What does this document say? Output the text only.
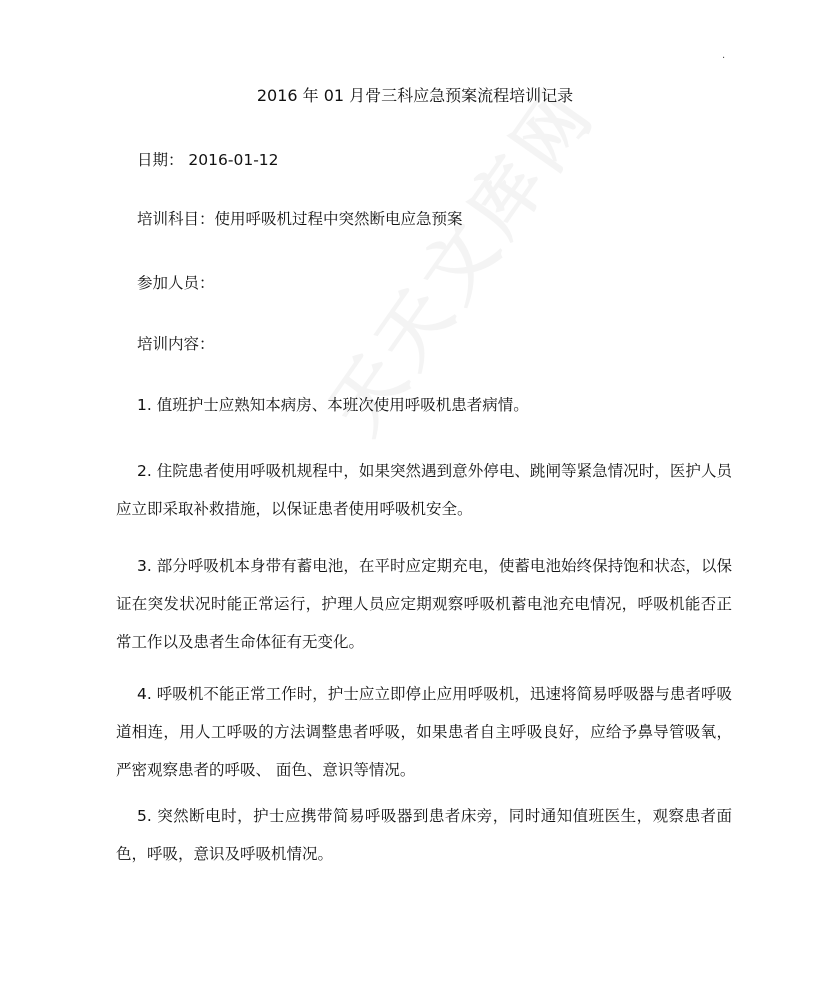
.
2016 年 01 月骨三科应急预案流程培训记录
日期： 2016-01-12
培训科目：使用呼吸机过程中突然断电应急预案
参加人员：
培训内容：
1. 值班护士应熟知本病房、本班次使用呼吸机患者病情。
2. 住院患者使用呼吸机规程中，如果突然遇到意外停电、跳闸等紧急情况时，医护人员应立即采取补救措施，以保证患者使用呼吸机安全。
3. 部分呼吸机本身带有蓄电池，在平时应定期充电，使蓄电池始终保持饱和状态，以保证在突发状况时能正常运行，护理人员应定期观察呼吸机蓄电池充电情况，呼吸机能否正常工作以及患者生命体征有无变化。
4. 呼吸机不能正常工作时，护士应立即停止应用呼吸机，迅速将简易呼吸器与患者呼吸道相连，用人工呼吸的方法调整患者呼吸，如果患者自主呼吸良好，应给予鼻导管吸氧，严密观察患者的呼吸、 面色、意识等情况。
5. 突然断电时，护士应携带简易呼吸器到患者床旁，同时通知值班医生，观察患者面色，呼吸，意识及呼吸机情况。
